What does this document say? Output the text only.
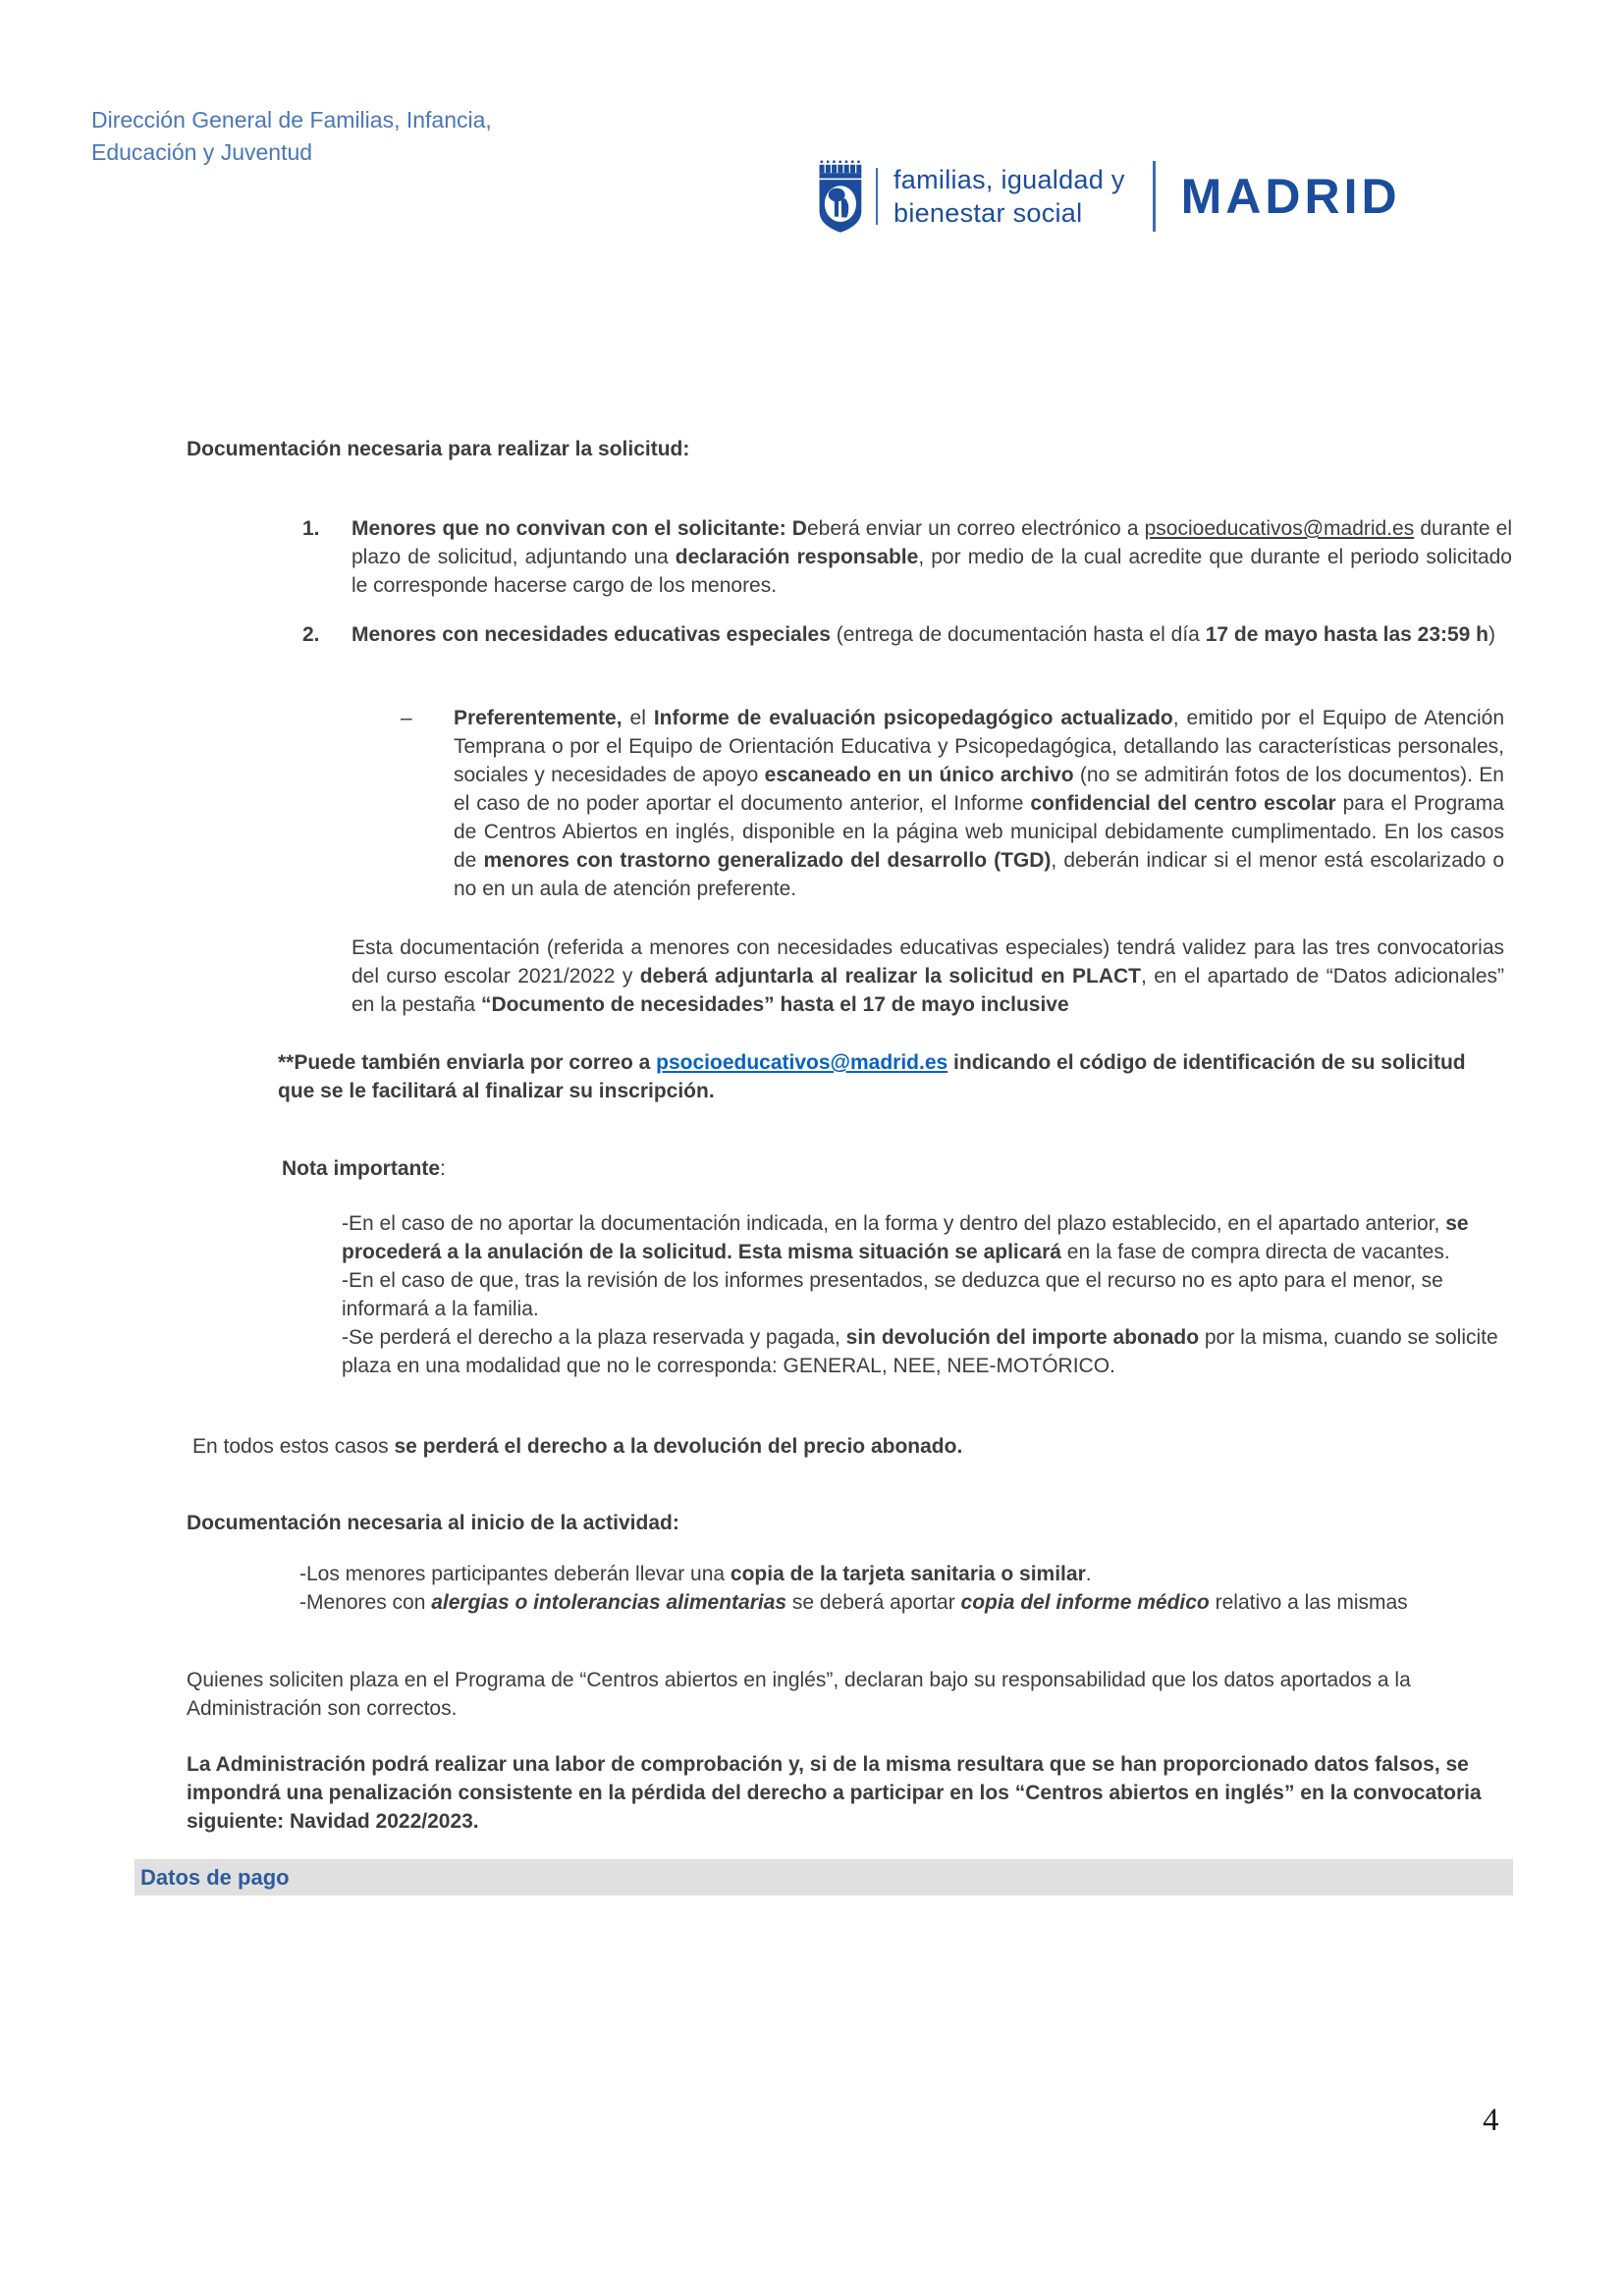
Dirección General de Familias, Infancia,
Educación y Juventud
familias, igualdad y
bienestar social	MADRID
Documentación necesaria para realizar la solicitud:
1.	Menores que no convivan con el solicitante: Deberá enviar un correo electrónico a psocioeducativos@madrid.es durante el plazo de solicitud, adjuntando una declaración responsable, por medio de la cual acredite que durante el periodo solicitado le corresponde hacerse cargo de los menores.
2.	Menores con necesidades educativas especiales (entrega de documentación hasta el día 17 de mayo hasta las 23:59 h)
–	Preferentemente, el Informe de evaluación psicopedagógico actualizado, emitido por el Equipo de Atención Temprana o por el Equipo de Orientación Educativa y Psicopedagógica, detallando las características personales, sociales y necesidades de apoyo escaneado en un único archivo (no se admitirán fotos de los documentos). En el caso de no poder aportar el documento anterior, el Informe confidencial del centro escolar para el Programa de Centros Abiertos en inglés, disponible en la página web municipal debidamente cumplimentado. En los casos de menores con trastorno generalizado del desarrollo (TGD), deberán indicar si el menor está escolarizado o no en un aula de atención preferente.
Esta documentación (referida a menores con necesidades educativas especiales) tendrá validez para las tres convocatorias del curso escolar 2021/2022 y deberá adjuntarla al realizar la solicitud en PLACT, en el apartado de “Datos adicionales” en la pestaña “Documento de necesidades” hasta el 17 de mayo inclusive
**Puede también enviarla por correo a psocioeducativos@madrid.es indicando el código de identificación de su solicitud que se le facilitará al finalizar su inscripción.
Nota importante:

-En el caso de no aportar la documentación indicada, en la forma y dentro del plazo establecido, en el apartado anterior, se procederá a la anulación de la solicitud. Esta misma situación se aplicará en la fase de compra directa de vacantes.

-En el caso de que, tras la revisión de los informes presentados, se deduzca que el recurso no es apto para el menor, se informará a la familia.

-Se perderá el derecho a la plaza reservada y pagada, sin devolución del importe abonado por la misma, cuando se solicite plaza en una modalidad que no le corresponda: GENERAL, NEE, NEE-MOTÓRICO.

En todos estos casos se perderá el derecho a la devolución del precio abonado.
Documentación necesaria al inicio de la actividad:

-Los menores participantes deberán llevar una copia de la tarjeta sanitaria o similar.

-Menores con alergias o intolerancias alimentarias se deberá aportar copia del informe médico relativo a las mismas

Quienes soliciten plaza en el Programa de “Centros abiertos en inglés”, declaran bajo su responsabilidad que los datos aportados a la Administración son correctos.
La Administración podrá realizar una labor de comprobación y, si de la misma resultara que se han proporcionado datos falsos, se impondrá una penalización consistente en la pérdida del derecho a participar en los “Centros abiertos en inglés” en la convocatoria siguiente: Navidad 2022/2023.
Datos de pago
4
